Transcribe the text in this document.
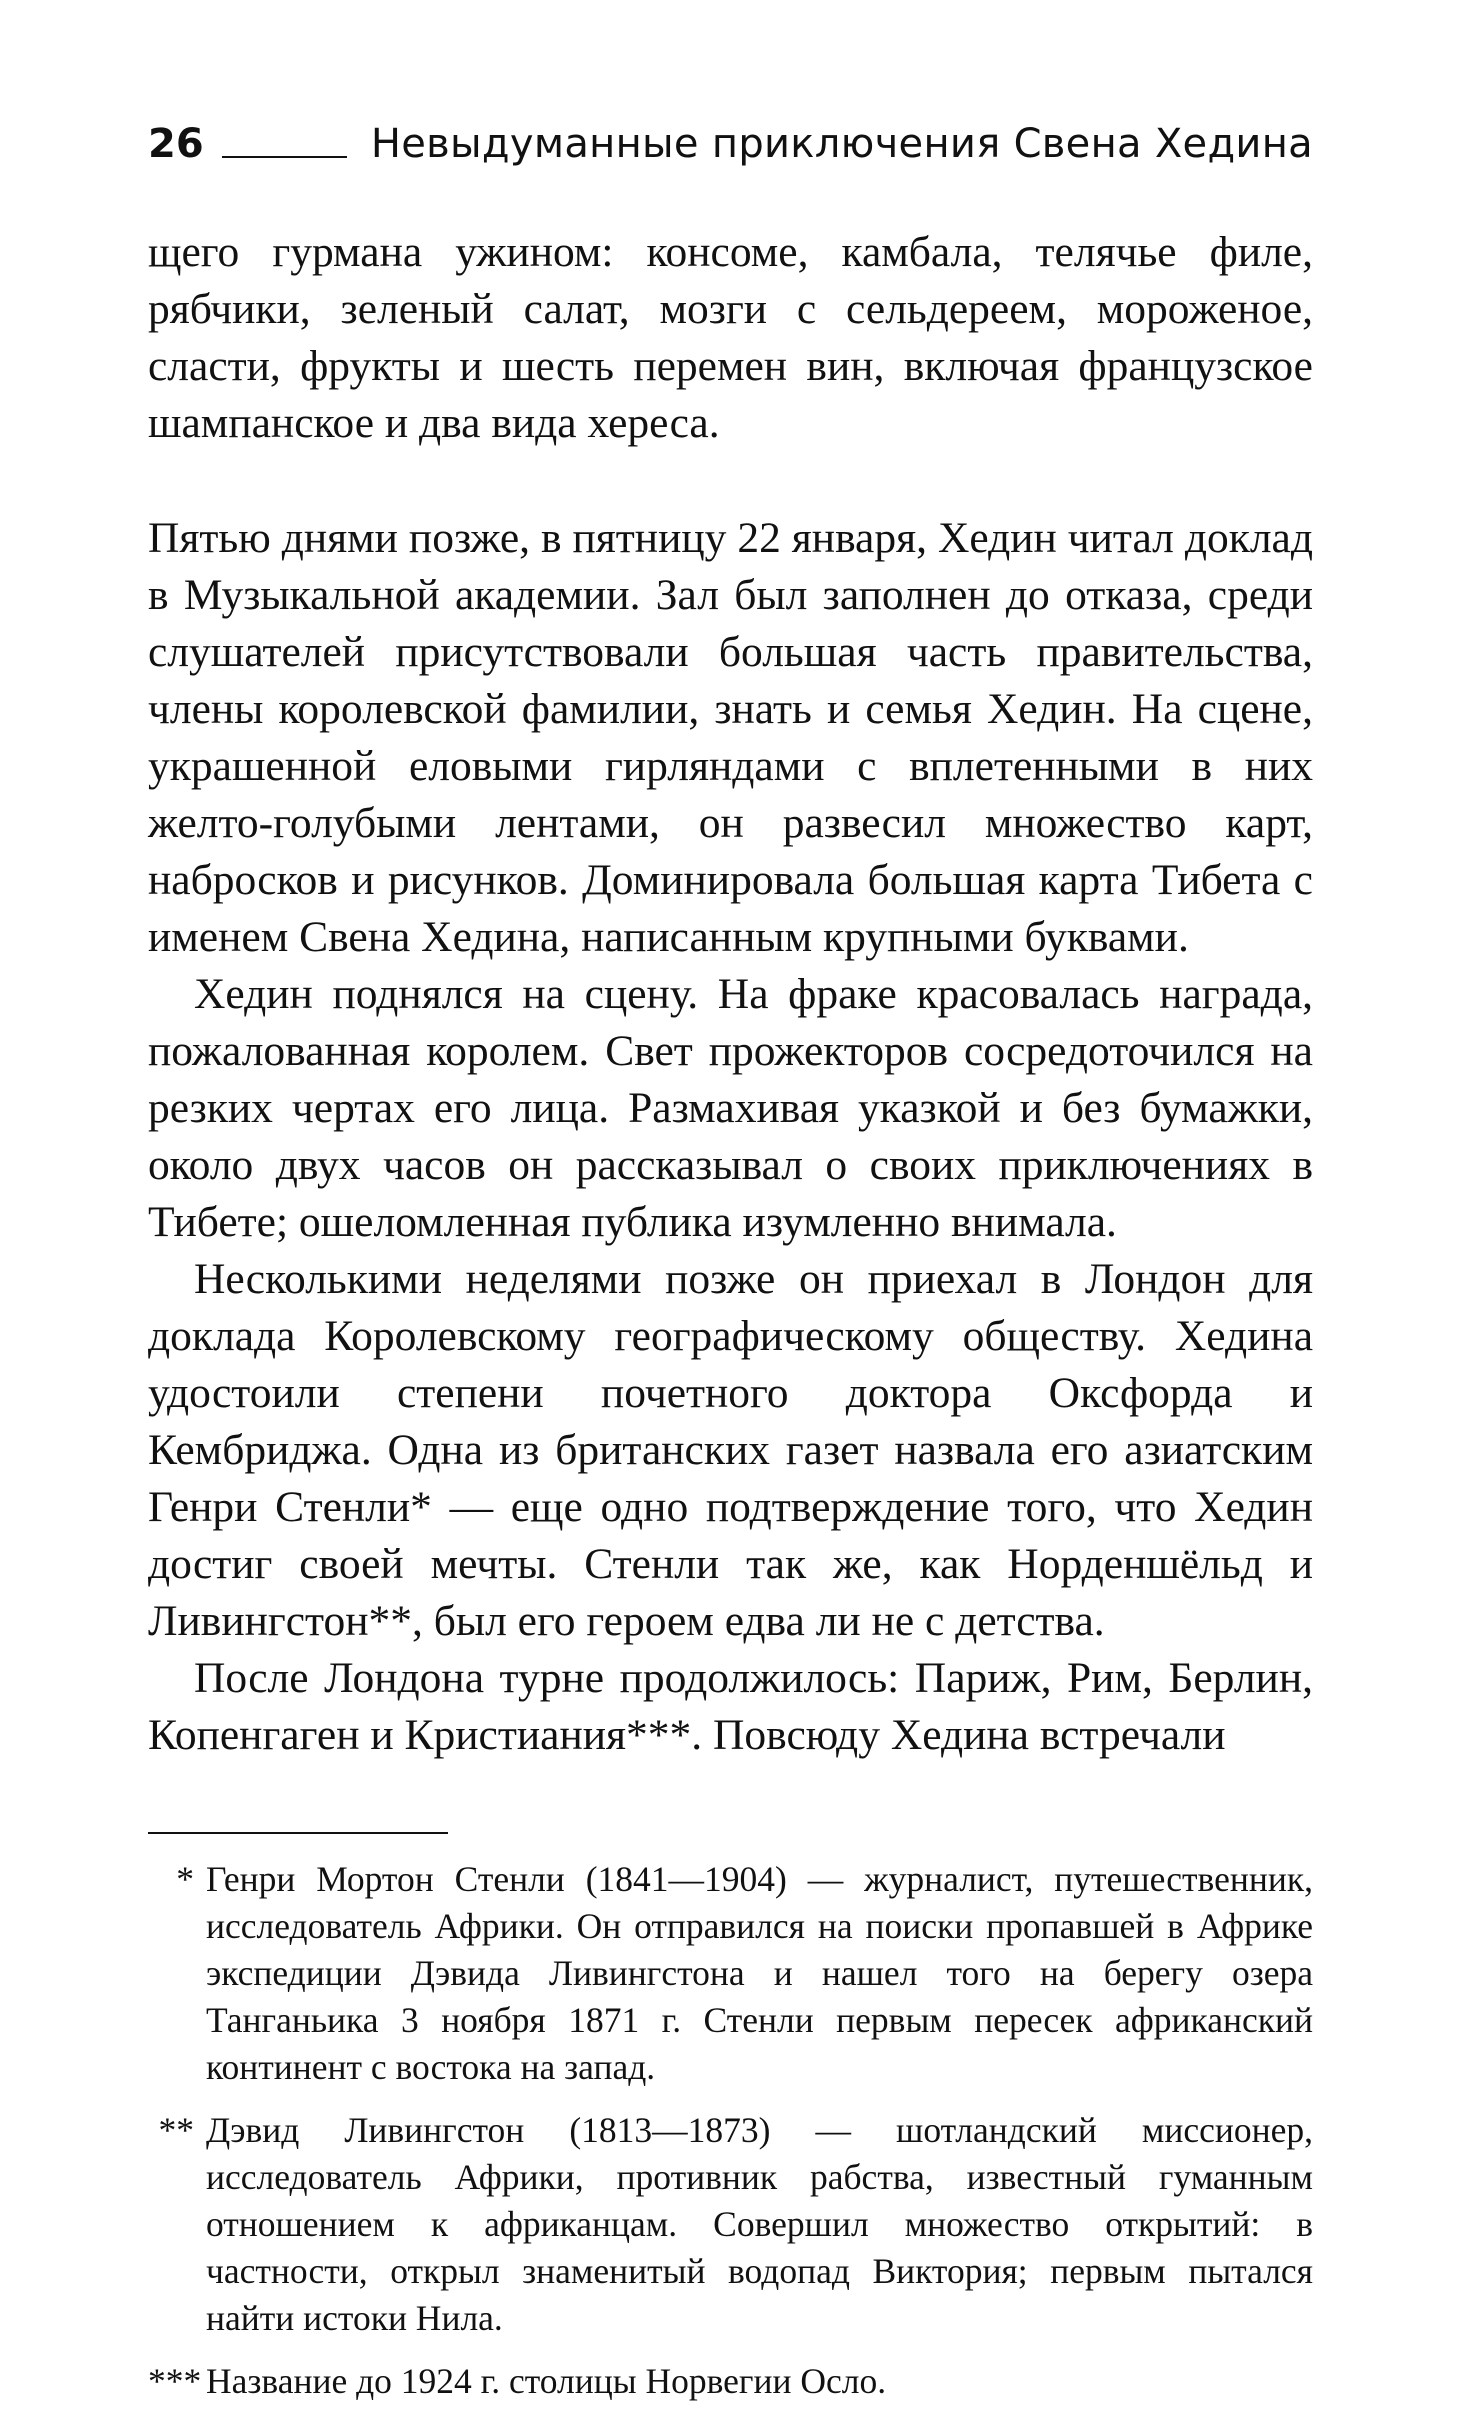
26	Невыдуманные приключения Свена Хедина

щего гурмана ужином: консоме, камбала, телячье филе, рябчики, зеленый салат, мозги с сельдереем, мороженое, сласти, фрукты и шесть перемен вин, включая французское шампанское и два вида хереса.

Пятью днями позже, в пятницу 22 января, Хедин читал доклад в Музыкальной академии. Зал был заполнен до отказа, среди слушателей присутствовали большая часть правительства, члены королевской фамилии, знать и семья Хедин. На сцене, украшенной еловыми гирляндами с вплетенными в них желто-голубыми лентами, он развесил множество карт, набросков и рисунков. Доминировала большая карта Тибета с именем Свена Хедина, написанным крупными буквами.

Хедин поднялся на сцену. На фраке красовалась награда, пожалованная королем. Свет прожекторов сосредоточился на резких чертах его лица. Размахивая указкой и без бумажки, около двух часов он рассказывал о своих приключениях в Тибете; ошеломленная публика изумленно внимала.

Несколькими неделями позже он приехал в Лондон для доклада Королевскому географическому обществу. Хедина удостоили степени почетного доктора Оксфорда и Кембриджа. Одна из британских газет назвала его азиатским Генри Стенли* — еще одно подтверждение того, что Хедин достиг своей мечты. Стенли так же, как Норденшёльд и Ливингстон**, был его героем едва ли не с детства.

После Лондона турне продолжилось: Париж, Рим, Берлин, Копенгаген и Кристиания***. Повсюду Хедина встречали

* Генри Мортон Стенли (1841—1904) — журналист, путешественник, исследователь Африки. Он отправился на поиски пропавшей в Африке экспедиции Дэвида Ливингстона и нашел того на берегу озера Танганьика 3 ноября 1871 г. Стенли первым пересек африканский континент с востока на запад.
** Дэвид Ливингстон (1813—1873) — шотландский миссионер, исследователь Африки, противник рабства, известный гуманным отношением к африканцам. Совершил множество открытий: в частности, открыл знаменитый водопад Виктория; первым пытался найти истоки Нила.
*** Название до 1924 г. столицы Норвегии Осло.
